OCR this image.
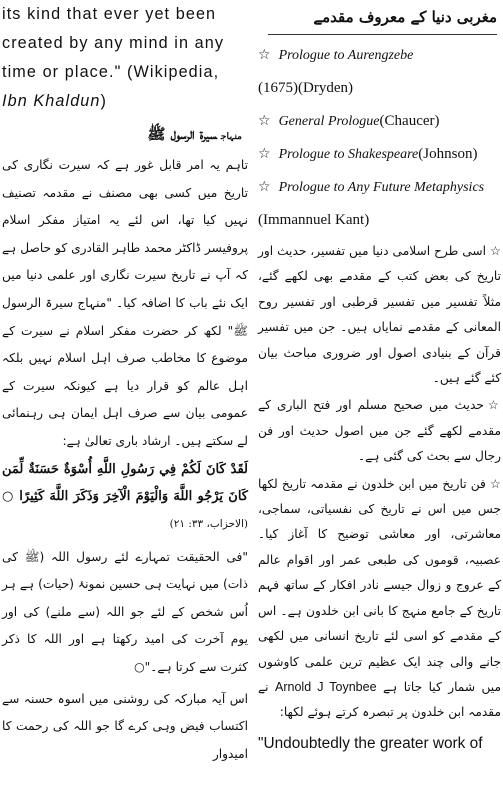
its kind that ever yet been created by any mind in any time or place." (Wikipedia, Ibn Khaldun)

منہاجسیرۃ الرسول ﷺ

تاہم یہ امر قابل غور ہے کہ سیرت نگاری کی تاریخ میں کسی بھی مصنف نے مقدمہ تصنیف نہیں کیا تھا، اس لئے یہ امتیاز مفکر اسلام پروفیسر ڈاکٹر محمد طاہر القادری کو حاصل ہے کہ آپ نے تاریخ سیرت نگاری اور علمی دنیا میں ایک نئے باب کا اضافہ کیا۔ "منہاج سیرۃ الرسول ﷺ" لکھ کر حضرت مفکر اسلام نے سیرت کے موضوع کا مخاطب صرف اہل اسلام نہیں بلکہ اہل عالم کو قرار دیا ہے کیونکہ سیرت کے عمومی بیان سے صرف اہل ایمان ہی رہنمائی لے سکتے ہیں۔ ارشاد باری تعالیٰ ہے:

لَقَدْ كَانَ لَكُمْ فِي رَسُولِ اللَّهِ أُسْوَةٌ حَسَنَةٌ لِّمَن كَانَ يَرْجُو اللَّهَ وَالْيَوْمَ الْآخِرَ وَذَكَرَ اللَّهَ كَثِيرًا ○ (الاحزاب، ۳۳: ۲۱)

"فی الحقیقت تمہارے لئے رسول اللہ (ﷺ کی ذات) میں نہایت ہی حسین نمونۂ (حیات) ہے ہر اُس شخص کے لئے جو اللہ (سے ملنے) کی اور یوم آخرت کی امید رکھتا ہے اور اللہ کا ذکر کثرت سے کرتا ہے۔"○

اس آیہ مبارکہ کی روشنی میں اسوہ حسنہ سے اکتساب فیض وہی کرے گا جو اللہ کی رحمت کا امیدوار

مغربی دنیا کے معروف مقدمے
☆ Prologue to Aurengzebe
(1675)(Dryden)
☆ General Prologue(Chaucer)
☆ Prologue to Shakespeare(Johnson)
☆ Prologue to Any Future Metaphysics
(Immannuel Kant)

☆اسی طرح اسلامی دنیا میں تفسیر، حدیث اور تاریخ کی بعض کتب کے مقدمے بھی لکھے گئے، مثلاً تفسیر میں تفسیر قرطبی اور تفسیر روح المعانی کے مقدمے نمایاں ہیں۔ جن میں تفسیر قرآن کے بنیادی اصول اور ضروری مباحث بیان کئے گئے ہیں۔

☆حدیث میں صحیح مسلم اور فتح الباری کے مقدمے لکھے گئے جن میں اصول حدیث اور فن رجال سے بحث کی گئی ہے۔

☆فن تاریخ میں ابن خلدون نے مقدمہ تاریخ لکھا جس میں اس نے تاریخ کی نفسیاتی، سماجی، معاشرتی، اور معاشی توضیح کا آغاز کیا۔ عصبیہ، قوموں کی طبعی عمر اور اقوام عالم کے عروج و زوال جیسے نادر افکار کے ساتھ فہم تاریخ کے جامع منہج کا بانی ابن خلدون ہے۔ اس کے مقدمے کو اسی لئے تاریخ انسانی میں لکھی جانے والی چند ایک عظیم ترین علمی کاوشوں میں شمار کیا جاتا ہے Arnold J Toynbee نے مقدمہ ابن خلدون پر تبصرہ کرتے ہوئے لکھا:

"Undoubtedly the greater work of
